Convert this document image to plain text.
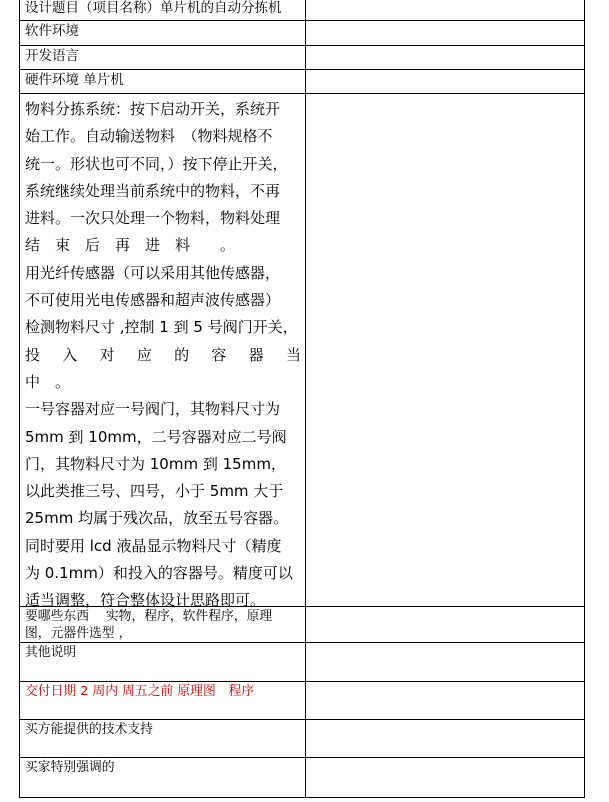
设计题目（项目名称）单片机的自动分拣机
软件环境
开发语言
硬件环境 单片机

物料分拣系统：按下启动开关，系统开

始工作。自动输送物料　（物料规格不

统一。形状也可不同，）按下停止开关，

系统继续处理当前系统中的物料，不再

进料。一次只处理一个物料，物料处理

结　束　后　再　进　料　　。

用光纤传感器（可以采用其他传感器，

不可使用光电传感器和超声波传感器）

检测物料尺寸 ,控制 1 到 5 号阀门开关，

投　入　对　应　的　容　器　当　中　。

一号容器对应一号阀门，其物料尺寸为

5mm 到 10mm，二号容器对应二号阀

门，其物料尺寸为 10mm 到 15mm，

以此类推三号、四号，小于 5mm 大于

25mm 均属于残次品，放至五号容器。

同时要用 lcd 液晶显示物料尺寸（精度

为 0.1mm）和投入的容器号。精度可以

适当调整，符合整体设计思路即可。

要哪些东西　 实物，程序，软件程序，原理
图，元器件选型 ，
其他说明
交付日期 2 周内 周五之前 原理图　程序
买方能提供的技术支持
买家特别强调的
